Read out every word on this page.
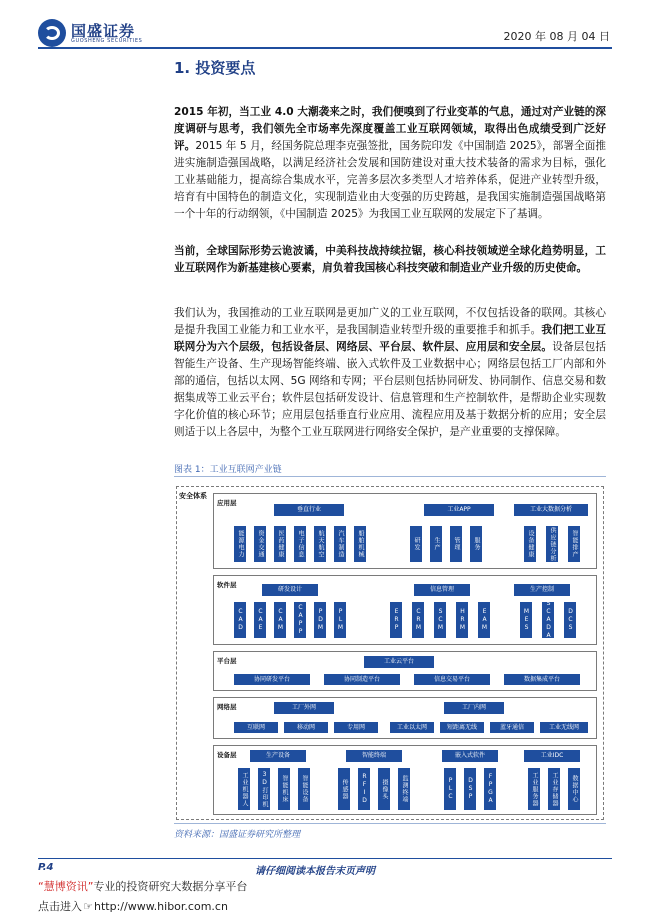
国盛证券
GUOSHENG SECURITIES	2020 年 08 月 04 日
1. 投资要点

2015 年初，当工业 4.0 大潮袭来之时，我们便嗅到了行业变革的气息，通过对产业链的深度调研与思考，我们领先全市场率先深度覆盖工业互联网领域，取得出色成绩受到广泛好评。2015 年 5 月，经国务院总理李克强签批，国务院印发《中国制造 2025》，部署全面推进实施制造强国战略，以满足经济社会发展和国防建设对重大技术装备的需求为目标，强化工业基础能力，提高综合集成水平，完善多层次多类型人才培养体系，促进产业转型升级，培育有中国特色的制造文化，实现制造业由大变强的历史跨越，是我国实施制造强国战略第一个十年的行动纲领，《中国制造 2025》为我国工业互联网的发展定下了基调。

当前，全球国际形势云诡波谲，中美科技战持续拉锯，核心科技领域逆全球化趋势明显，工业互联网作为新基建核心要素，肩负着我国核心科技突破和制造业产业升级的历史使命。

我们认为，我国推动的工业互联网是更加广义的工业互联网，不仅包括设备的联网。其核心是提升我国工业能力和工业水平，是我国制造业转型升级的重要推手和抓手。我们把工业互联网分为六个层级，包括设备层、网络层、平台层、软件层、应用层和安全层。设备层包括智能生产设备、生产现场智能终端、嵌入式软件及工业数据中心；网络层包括工厂内部和外部的通信，包括以太网、5G 网络和专网；平台层则包括协同研发、协同制作、信息交易和数据集成等工业云平台；软件层包括研发设计、信息管理和生产控制软件，是帮助企业实现数字化价值的核心环节；应用层包括垂直行业应用、流程应用及基于数据分析的应用；安全层则适于以上各层中，为整个工业互联网进行网络安全保护，是产业重要的支撑保障。

图表 1：工业互联网产业链
安全体系
应用层
垂直行业	工业APP	工业大数据分析
能源电力	资金交通	医药健康	电子信息	航天航空	汽车制造	船舶机械	研发	生产	管理	服务	设备健康	供应链分析	智能排产
软件层
研发设计	信息管理	生产控制
CAD	CAE	CAM	CAPP	PDM	PLM	ERP	CRM	SCM	HRM	EAM	MES	SCADA	DCS
平台层	工业云平台
协同研发平台	协同制造平台	信息交易平台	数据集成平台
网络层	工厂外网	工厂内网
互联网	移动网	专用网	工业以太网	短距离无线	蓝牙通信	工业无线网
设备层	生产设备	智能终端	嵌入式软件	工业IDC
工业机器人	3D打印机	智能机床	智能设备	传感器	RFID	摄像头	监测终端	PLC	DSP	FPGA	工业服务器	工业存储器	数据中心
资料来源：国盛证券研究所整理
P.4	请仔细阅读本报告末页声明
“慧博资讯”专业的投资研究大数据分享平台
点击进入☞http://www.hibor.com.cn
